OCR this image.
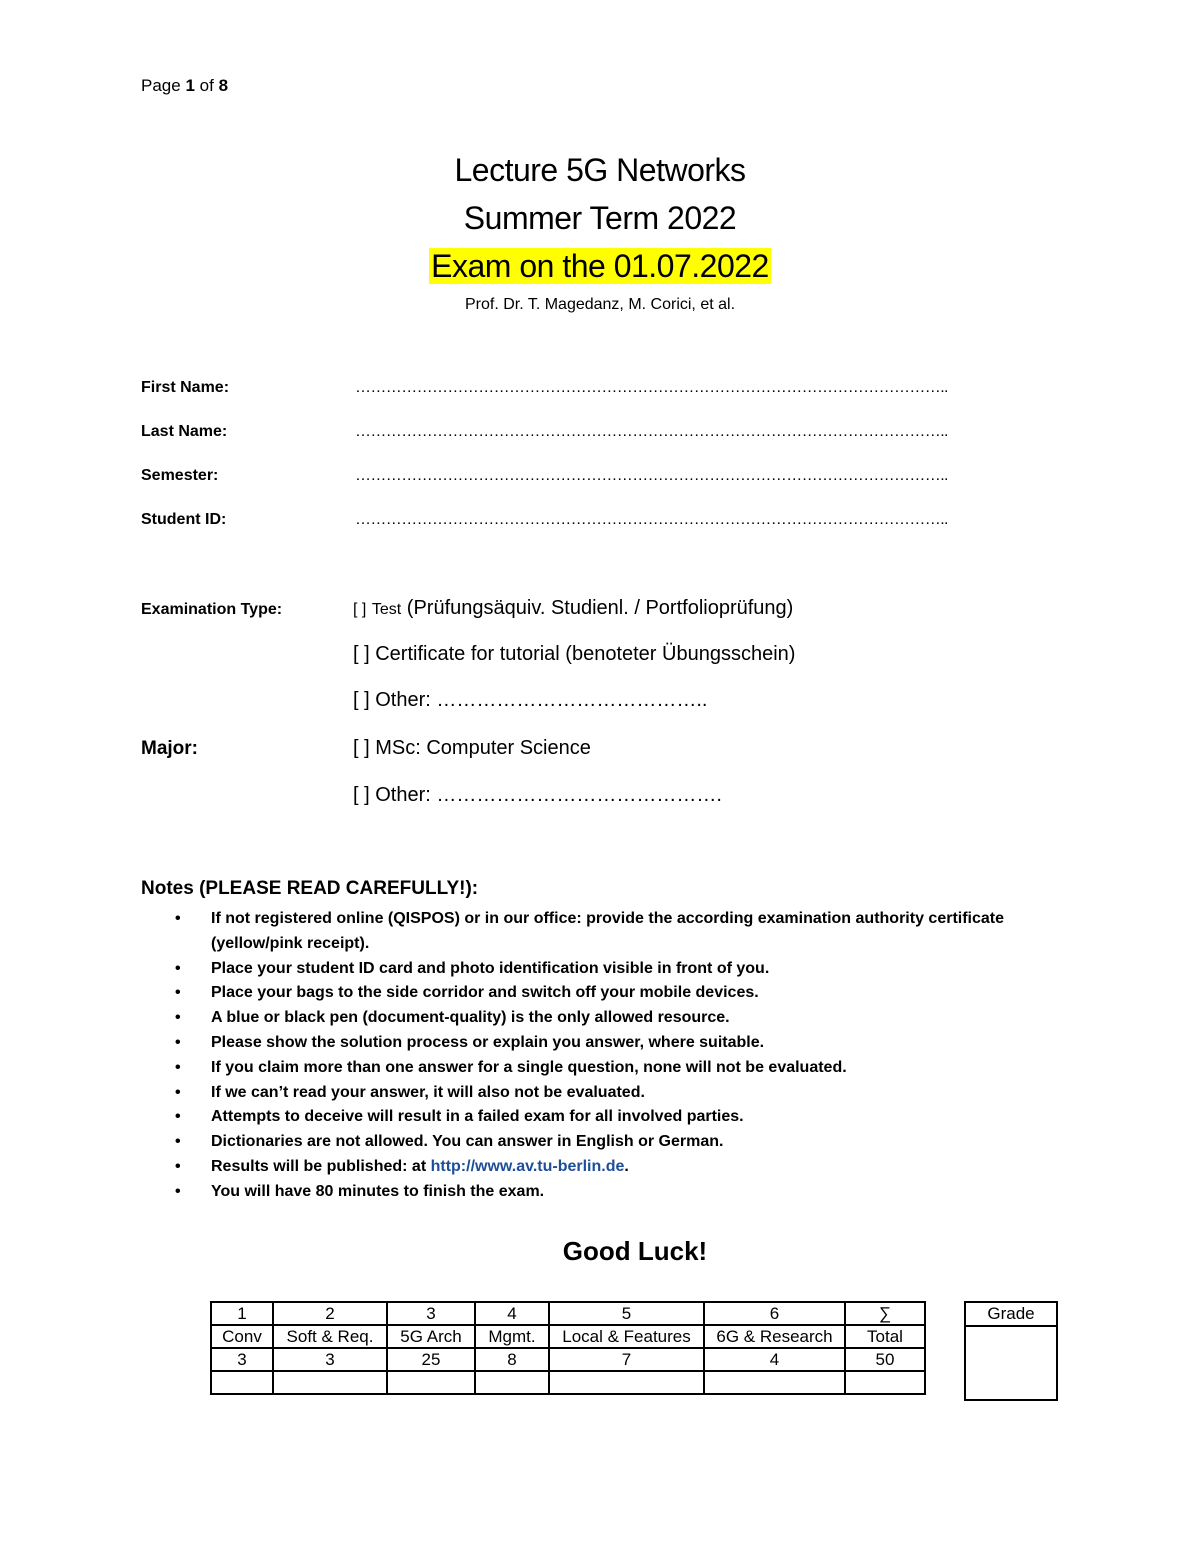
Page 1 of 8
Lecture 5G Networks
Summer Term 2022
Exam on the 01.07.2022
Prof. Dr. T. Magedanz, M. Corici, et al.
First Name:	……………………………………………………………………………………………………..
Last Name:	……………………………………………………………………………………………………..
Semester:	……………………………………………………………………………………………………..
Student ID:	……………………………………………………………………………………………………..
Examination Type:	[ ] Test (Prüfungsäquiv. Studienl. / Portfolioprüfung)
[ ] Certificate for tutorial (benoteter Übungsschein)
[ ] Other: …………………………………..
Major:	[ ] MSc: Computer Science
[ ] Other: …………………………………….
Notes (PLEASE READ CAREFULLY!):
• If not registered online (QISPOS) or in our office: provide the according examination authority certificate (yellow/pink receipt).
• Place your student ID card and photo identification visible in front of you.
• Place your bags to the side corridor and switch off your mobile devices.
• A blue or black pen (document-quality) is the only allowed resource.
• Please show the solution process or explain you answer, where suitable.
• If you claim more than one answer for a single question, none will not be evaluated.
• If we can’t read your answer, it will also not be evaluated.
• Attempts to deceive will result in a failed exam for all involved parties.
• Dictionaries are not allowed. You can answer in English or German.
• Results will be published: at http://www.av.tu-berlin.de.
• You will have 80 minutes to finish the exam.
Good Luck!
1	2	3	4	5	6	∑
Conv	Soft & Req.	5G Arch	Mgmt.	Local & Features	6G & Research	Total
3	3	25	8	7	4	50

Grade
